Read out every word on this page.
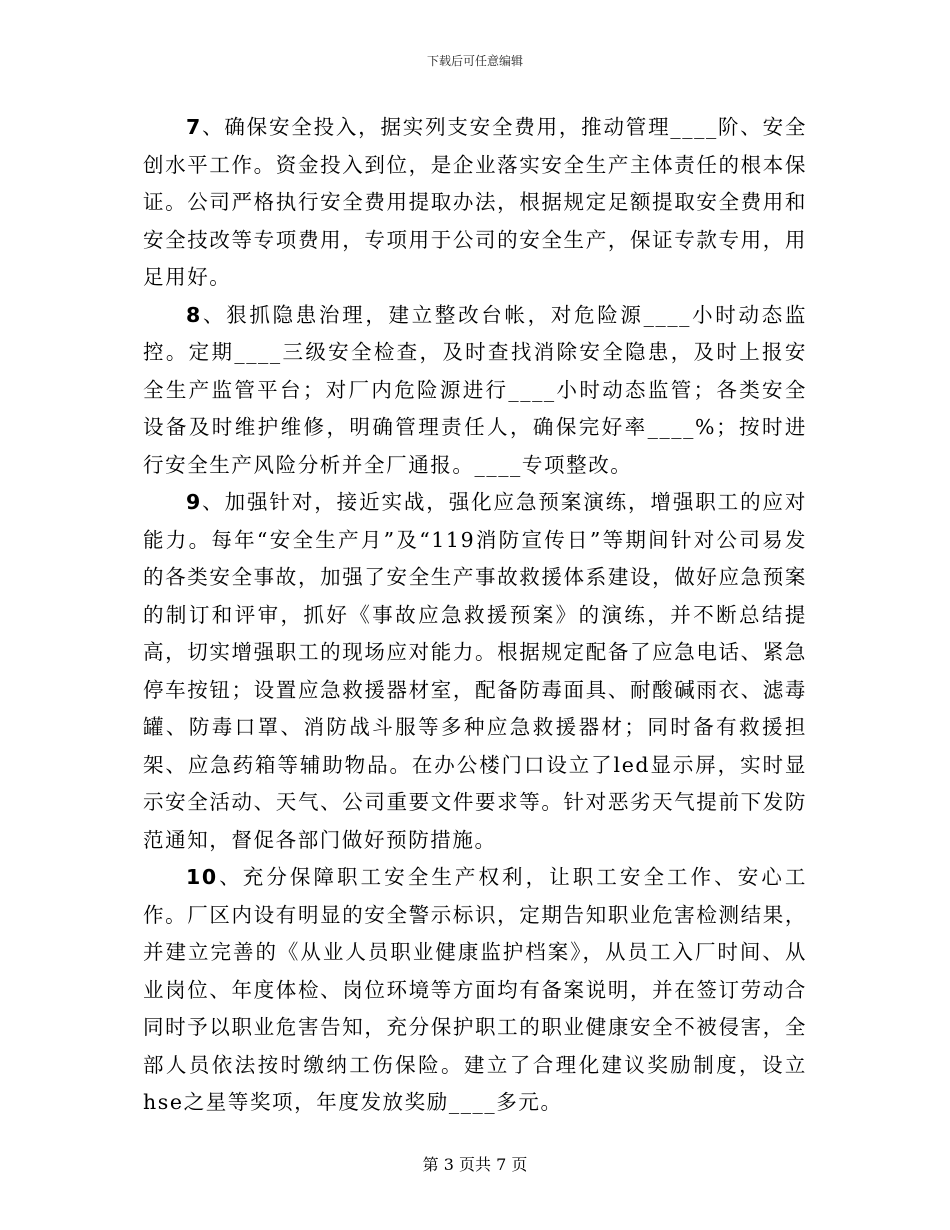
下载后可任意编辑

7、确保安全投入，据实列支安全费用，推动管理____阶、安全创水平工作。资金投入到位，是企业落实安全生产主体责任的根本保证。公司严格执行安全费用提取办法，根据规定足额提取安全费用和安全技改等专项费用，专项用于公司的安全生产，保证专款专用，用足用好。

8、狠抓隐患治理，建立整改台帐，对危险源____小时动态监控。定期____三级安全检查，及时查找消除安全隐患，及时上报安全生产监管平台；对厂内危险源进行____小时动态监管；各类安全设备及时维护维修，明确管理责任人，确保完好率____%；按时进行安全生产风险分析并全厂通报。____专项整改。

9、加强针对，接近实战，强化应急预案演练，增强职工的应对能力。每年“安全生产月”及“119消防宣传日”等期间针对公司易发的各类安全事故，加强了安全生产事故救援体系建设，做好应急预案的制订和评审，抓好《事故应急救援预案》的演练，并不断总结提高，切实增强职工的现场应对能力。根据规定配备了应急电话、紧急停车按钮；设置应急救援器材室，配备防毒面具、耐酸碱雨衣、滤毒罐、防毒口罩、消防战斗服等多种应急救援器材；同时备有救援担架、应急药箱等辅助物品。在办公楼门口设立了led显示屏，实时显示安全活动、天气、公司重要文件要求等。针对恶劣天气提前下发防范通知，督促各部门做好预防措施。

10、充分保障职工安全生产权利，让职工安全工作、安心工作。厂区内设有明显的安全警示标识，定期告知职业危害检测结果，并建立完善的《从业人员职业健康监护档案》，从员工入厂时间、从业岗位、年度体检、岗位环境等方面均有备案说明，并在签订劳动合同时予以职业危害告知，充分保护职工的职业健康安全不被侵害，全部人员依法按时缴纳工伤保险。建立了合理化建议奖励制度，设立hse之星等奖项，年度发放奖励____多元。

第 3 页共 7 页
